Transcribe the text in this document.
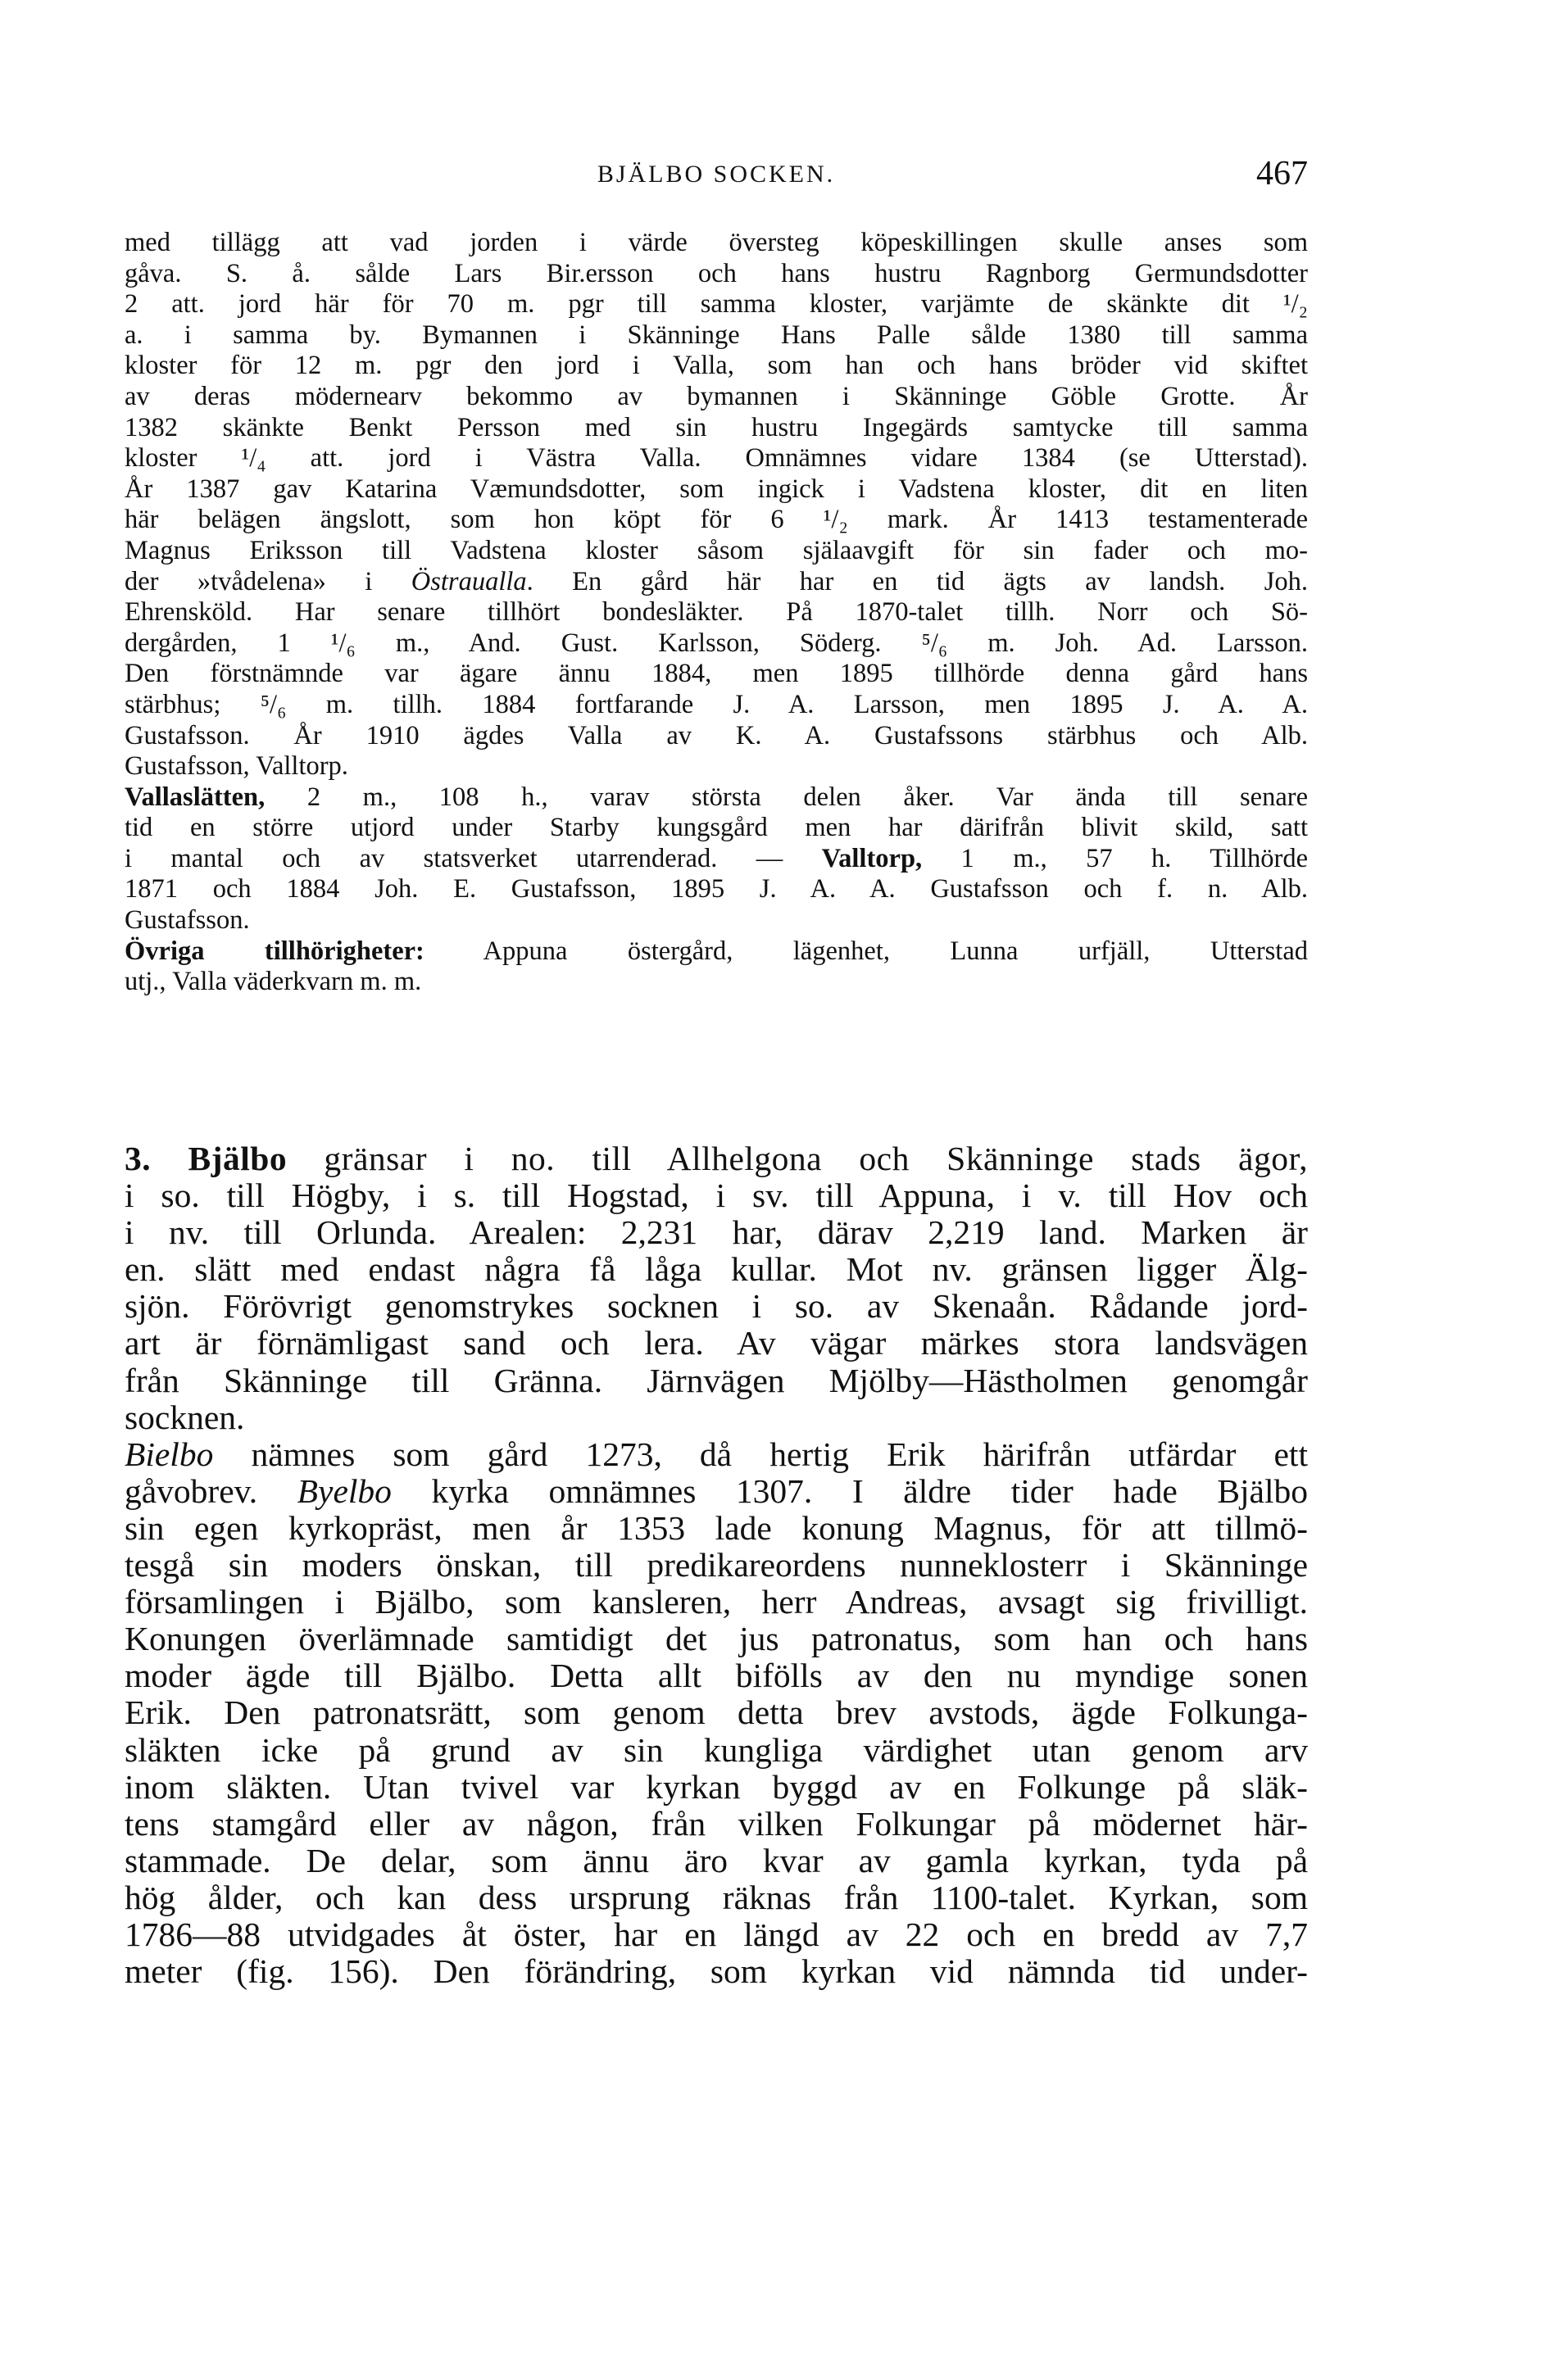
BJÄLBO SOCKEN.	467
med tillägg att vad jorden i värde översteg köpeskillingen skulle anses som
gåva. S. å. sålde Lars Bir.ersson och hans hustru Ragnborg Germundsdotter
2 att. jord här för 70 m. pgr till samma kloster, varjämte de skänkte dit ¹/₂
a. i samma by. Bymannen i Skänninge Hans Palle sålde 1380 till samma
kloster för 12 m. pgr den jord i Valla, som han och hans bröder vid skiftet
av deras mödernearv bekommo av bymannen i Skänninge Göble Grotte. År
1382 skänkte Benkt Persson med sin hustru Ingegärds samtycke till samma
kloster ¹/₄ att. jord i Västra Valla. Omnämnes vidare 1384 (se Utterstad).
År 1387 gav Katarina Væmundsdotter, som ingick i Vadstena kloster, dit en liten
här belägen ängslott, som hon köpt för 6 ¹/₂ mark. År 1413 testamenterade
Magnus Eriksson till Vadstena kloster såsom själaavgift för sin fader och mo-
der »tvådelena» i Östraualla. En gård här har en tid ägts av landsh. Joh.
Ehrensköld. Har senare tillhört bondesläkter. På 1870-talet tillh. Norr och Sö-
dergården, 1 ¹/₆ m., And. Gust. Karlsson, Söderg. ⁵/₆ m. Joh. Ad. Larsson.
Den förstnämnde var ägare ännu 1884, men 1895 tillhörde denna gård hans
stärbhus; ⁵/₆ m. tillh. 1884 fortfarande J. A. Larsson, men 1895 J. A. A.
Gustafsson. År 1910 ägdes Valla av K. A. Gustafssons stärbhus och Alb.
Gustafsson, Valltorp.
Vallaslätten, 2 m., 108 h., varav största delen åker. Var ända till senare
tid en större utjord under Starby kungsgård men har därifrån blivit skild, satt
i mantal och av statsverket utarrenderad. — Valltorp, 1 m., 57 h. Tillhörde
1871 och 1884 Joh. E. Gustafsson, 1895 J. A. A. Gustafsson och f. n. Alb.
Gustafsson.
Övriga tillhörigheter: Appuna östergård, lägenhet, Lunna urfjäll, Utterstad
utj., Valla väderkvarn m. m.
3. Bjälbo gränsar i no. till Allhelgona och Skänninge stads ägor,
i so. till Högby, i s. till Hogstad, i sv. till Appuna, i v. till Hov och
i nv. till Orlunda. Arealen: 2,231 har, därav 2,219 land. Marken är
en. slätt med endast några få låga kullar. Mot nv. gränsen ligger Älg-
sjön. Förövrigt genomstrykes socknen i so. av Skenaån. Rådande jord-
art är förnämligast sand och lera. Av vägar märkes stora landsvägen
från Skänninge till Gränna. Järnvägen Mjölby—Hästholmen genomgår
socknen.
Bielbo nämnes som gård 1273, då hertig Erik härifrån utfärdar ett
gåvobrev. Byelbo kyrka omnämnes 1307. I äldre tider hade Bjälbo
sin egen kyrkopräst, men år 1353 lade konung Magnus, för att tillmö-
tesgå sin moders önskan, till predikareordens nunneklosterr i Skänninge
församlingen i Bjälbo, som kansleren, herr Andreas, avsagt sig frivilligt.
Konungen överlämnade samtidigt det jus patronatus, som han och hans
moder ägde till Bjälbo. Detta allt bifölls av den nu myndige sonen
Erik. Den patronatsrätt, som genom detta brev avstods, ägde Folkunga-
släkten icke på grund av sin kungliga värdighet utan genom arv
inom släkten. Utan tvivel var kyrkan byggd av en Folkunge på släk-
tens stamgård eller av någon, från vilken Folkungar på mödernet här-
stammade. De delar, som ännu äro kvar av gamla kyrkan, tyda på
hög ålder, och kan dess ursprung räknas från 1100-talet. Kyrkan, som
1786—88 utvidgades åt öster, har en längd av 22 och en bredd av 7,7
meter (fig. 156). Den förändring, som kyrkan vid nämnda tid under-
